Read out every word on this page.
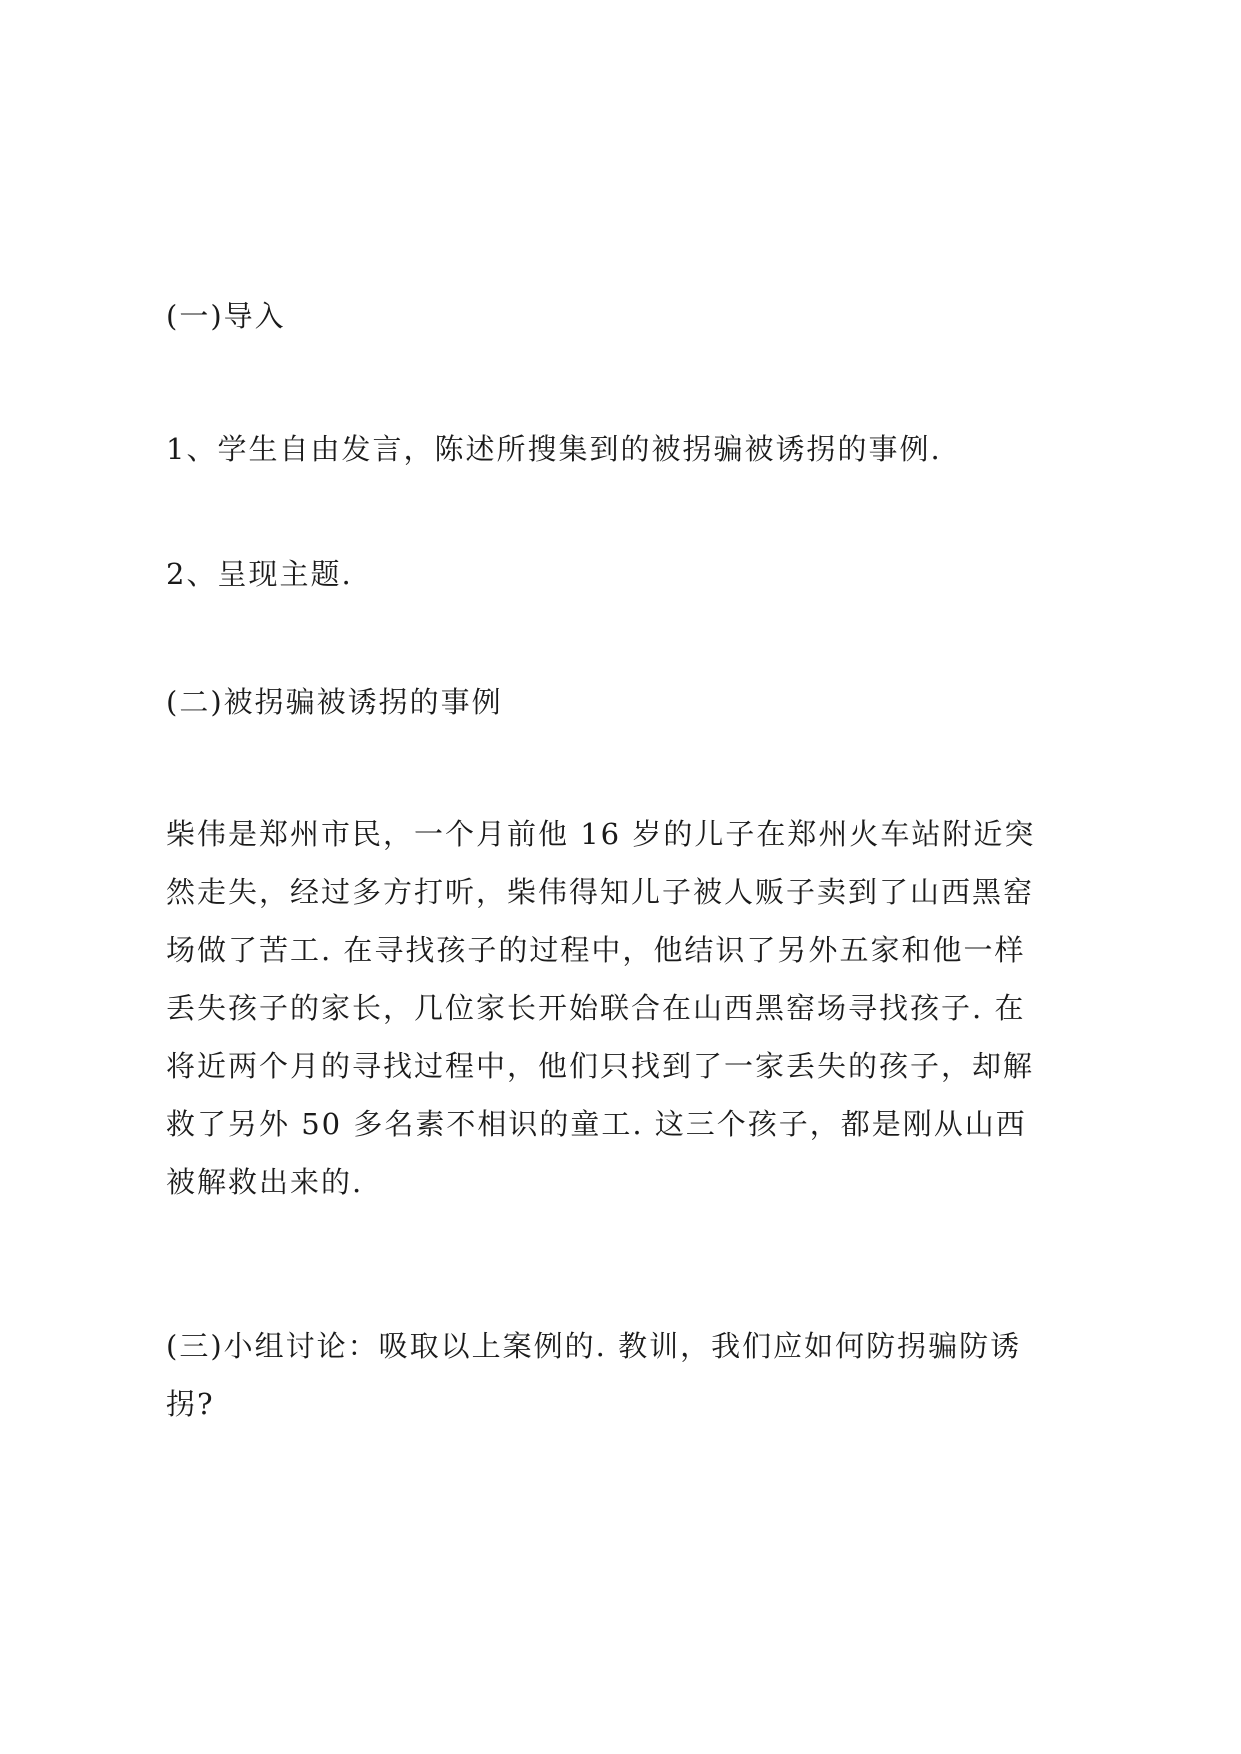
(一)导入

1、学生自由发言，陈述所搜集到的被拐骗被诱拐的事例.

2、呈现主题.

(二)被拐骗被诱拐的事例

柴伟是郑州市民，一个月前他 16 岁的儿子在郑州火车站附近突
然走失，经过多方打听，柴伟得知儿子被人贩子卖到了山西黑窑
场做了苦工. 在寻找孩子的过程中，他结识了另外五家和他一样
丢失孩子的家长，几位家长开始联合在山西黑窑场寻找孩子. 在
将近两个月的寻找过程中，他们只找到了一家丢失的孩子，却解
救了另外 50 多名素不相识的童工. 这三个孩子，都是刚从山西
被解救出来的.
(三)小组讨论：吸取以上案例的. 教训，我们应如何防拐骗防诱
拐?
